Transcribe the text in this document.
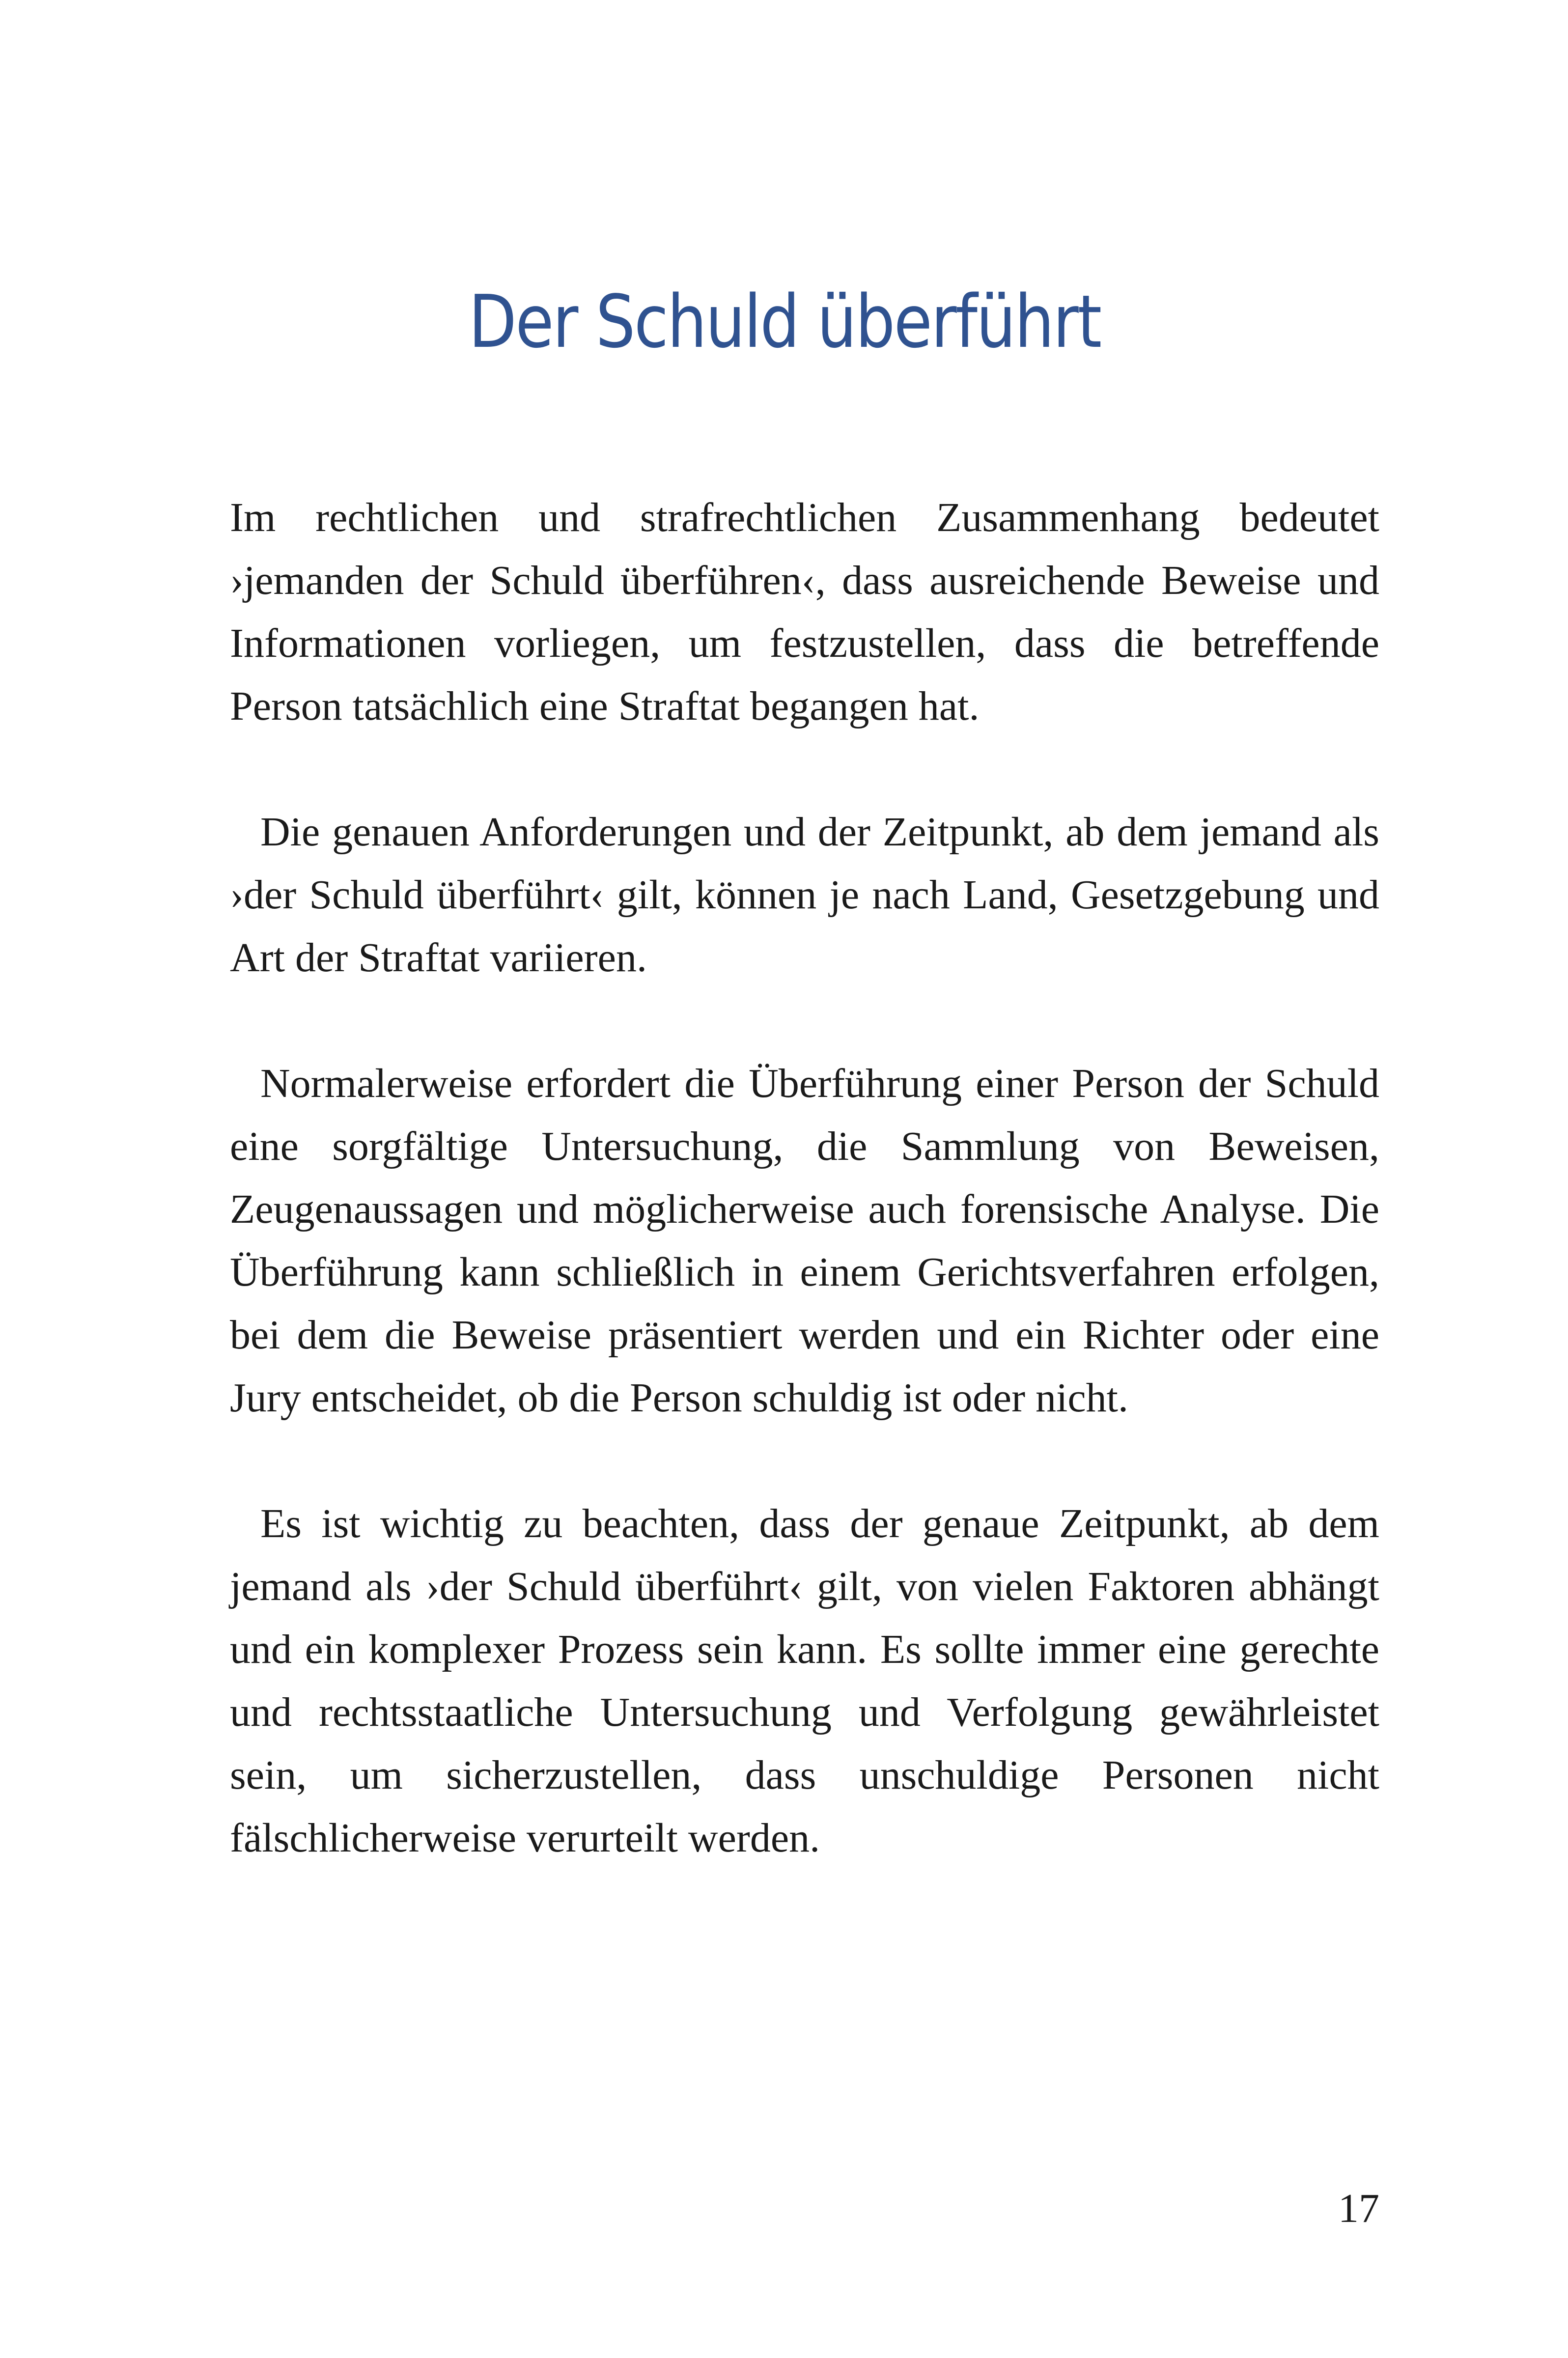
Der Schuld überführt

Im rechtlichen und strafrechtlichen Zusammenhang bedeutet ›jemanden der Schuld überführen‹, dass ausreichende Beweise und Informationen vorliegen, um festzustellen, dass die betreffende Person tatsächlich eine Straftat begangen hat.

Die genauen Anforderungen und der Zeitpunkt, ab dem jemand als ›der Schuld überführt‹ gilt, können je nach Land, Gesetzgebung und Art der Straftat variieren.

Normalerweise erfordert die Überführung einer Person der Schuld eine sorgfältige Untersuchung, die Sammlung von Beweisen, Zeugenaussagen und möglicherweise auch forensische Analyse. Die Überführung kann schließlich in einem Gerichtsverfahren erfolgen, bei dem die Beweise präsentiert werden und ein Richter oder eine Jury entscheidet, ob die Person schuldig ist oder nicht.

Es ist wichtig zu beachten, dass der genaue Zeitpunkt, ab dem jemand als ›der Schuld überführt‹ gilt, von vielen Faktoren abhängt und ein komplexer Prozess sein kann. Es sollte immer eine gerechte und rechtsstaatliche Untersuchung und Verfolgung gewährleistet sein, um sicherzustellen, dass unschuldige Personen nicht fälschlicherweise verurteilt werden.

17
